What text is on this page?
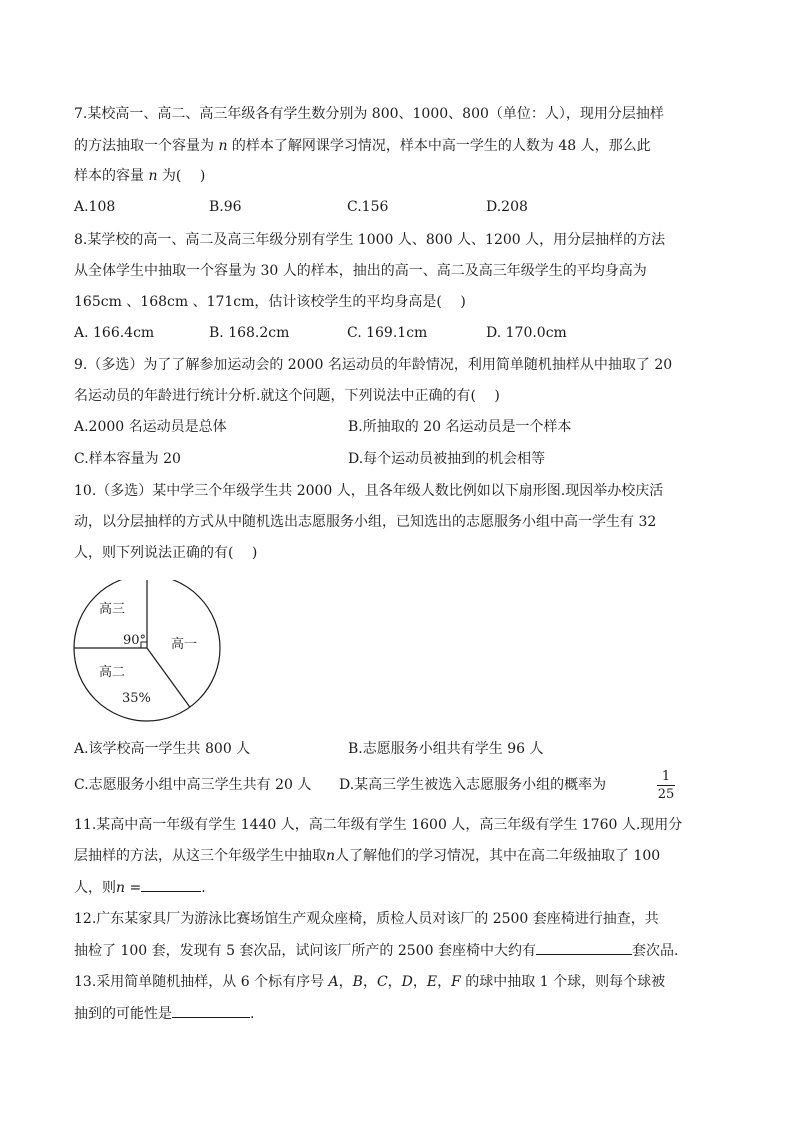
7.某校高一、高二、高三年级各有学生数分别为 800、1000、800（单位：人），现用分层抽样
的方法抽取一个容量为 n 的样本了解网课学习情况，样本中高一学生的人数为 48 人，那么此
样本的容量 n 为(　 )
A.108	B.96	C.156	D.208
8.某学校的高一、高二及高三年级分别有学生 1000 人、800 人、1200 人，用分层抽样的方法
从全体学生中抽取一个容量为 30 人的样本，抽出的高一、高二及高三年级学生的平均身高为
165cm 、168cm 、171cm，估计该校学生的平均身高是(　 )
A. 166.4cm	B. 168.2cm	C. 169.1cm	D. 170.0cm
9.（多选）为了了解参加运动会的 2000 名运动员的年龄情况，利用简单随机抽样从中抽取了 20
名运动员的年龄进行统计分析.就这个问题，下列说法中正确的有(　 )
A.2000 名运动员是总体	B.所抽取的 20 名运动员是一个样本
C.样本容量为 20	D.每个运动员被抽到的机会相等
10.（多选）某中学三个年级学生共 2000 人，且各年级人数比例如以下扇形图.现因举办校庆活
动，以分层抽样的方式从中随机选出志愿服务小组，已知选出的志愿服务小组中高一学生有 32
人，则下列说法正确的有(　 )
高三
90° 高一
高二
35%
A.该学校高一学生共 800 人	B.志愿服务小组共有学生 96 人
C.志愿服务小组中高三学生共有 20 人 D.某高三学生被选入志愿服务小组的概率为	$\frac{1}{25}$
11.某高中高一年级有学生 1440 人，高二年级有学生 1600 人，高三年级有学生 1760 人.现用分
层抽样的方法，从这三个年级学生中抽取n人了解他们的学习情况，其中在高二年级抽取了 100
人，则n =	.
12.广东某家具厂为游泳比赛场馆生产观众座椅，质检人员对该厂的 2500 套座椅进行抽查，共
抽检了 100 套，发现有 5 套次品，试问该厂所产的 2500 套座椅中大约有	套次品.
13.采用简单随机抽样，从 6 个标有序号 A，B，C，D，E，F 的球中抽取 1 个球，则每个球被
抽到的可能性是	.
